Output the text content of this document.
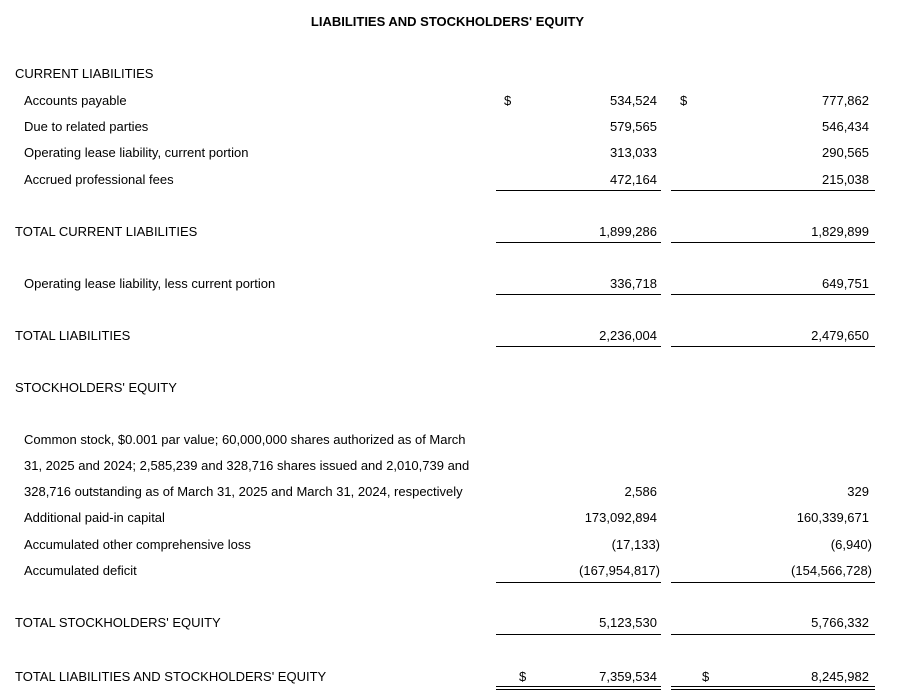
LIABILITIES AND STOCKHOLDERS' EQUITY
CURRENT LIABILITIES
Accounts payable	$	534,524 $	777,862
Due to related parties	579,565	546,434
Operating lease liability, current portion	313,033	290,565
Accrued professional fees	472,164	215,038
TOTAL CURRENT LIABILITIES	1,899,286	1,829,899
Operating lease liability, less current portion	336,718	649,751
TOTAL LIABILITIES	2,236,004	2,479,650
STOCKHOLDERS' EQUITY
Common stock, $0.001 par value; 60,000,000 shares authorized as of March
31, 2025 and 2024; 2,585,239 and 328,716 shares issued and 2,010,739 and
328,716 outstanding as of March 31, 2025 and March 31, 2024, respectively	2,586	329
Additional paid-in capital	173,092,894	160,339,671
Accumulated other comprehensive loss	(17,133)	(6,940)
Accumulated deficit	(167,954,817)	(154,566,728)
TOTAL STOCKHOLDERS' EQUITY	5,123,530	5,766,332
TOTAL LIABILITIES AND STOCKHOLDERS' EQUITY	$	7,359,534	$	8,245,982
